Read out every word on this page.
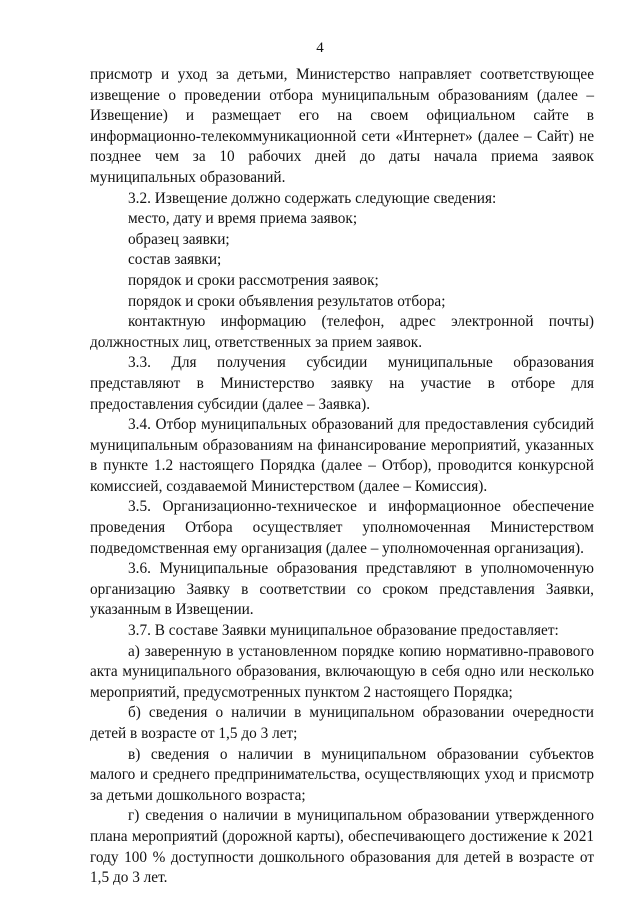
4

присмотр и уход за детьми, Министерство направляет соответствующее извещение о проведении отбора муниципальным образованиям (далее – Извещение) и размещает его на своем официальном сайте в информационно-телекоммуникационной сети «Интернет» (далее – Сайт) не позднее чем за 10 рабочих дней до даты начала приема заявок муниципальных образований.

3.2. Извещение должно содержать следующие сведения:

место, дату и время приема заявок;

образец заявки;

состав заявки;

порядок и сроки рассмотрения заявок;

порядок и сроки объявления результатов отбора;

контактную информацию (телефон, адрес электронной почты) должностных лиц, ответственных за прием заявок.

3.3. Для получения субсидии муниципальные образования представляют в Министерство заявку на участие в отборе для предоставления субсидии (далее – Заявка).

3.4. Отбор муниципальных образований для предоставления субсидий муниципальным образованиям на финансирование мероприятий, указанных в пункте 1.2 настоящего Порядка (далее – Отбор), проводится конкурсной комиссией, создаваемой Министерством (далее – Комиссия).

3.5. Организационно-техническое и информационное обеспечение проведения Отбора осуществляет уполномоченная Министерством подведомственная ему организация (далее – уполномоченная организация).

3.6. Муниципальные образования представляют в уполномоченную организацию Заявку в соответствии со сроком представления Заявки, указанным в Извещении.

3.7. В составе Заявки муниципальное образование предоставляет:

а) заверенную в установленном порядке копию нормативно-правового акта муниципального образования, включающую в себя одно или несколько мероприятий, предусмотренных пунктом 2 настоящего Порядка;

б) сведения о наличии в муниципальном образовании очередности детей в возрасте от 1,5 до 3 лет;

в) сведения о наличии в муниципальном образовании субъектов малого и среднего предпринимательства, осуществляющих уход и присмотр за детьми дошкольного возраста;

г) сведения о наличии в муниципальном образовании утвержденного плана мероприятий (дорожной карты), обеспечивающего достижение к 2021 году 100 % доступности дошкольного образования для детей в возрасте от 1,5 до 3 лет.
